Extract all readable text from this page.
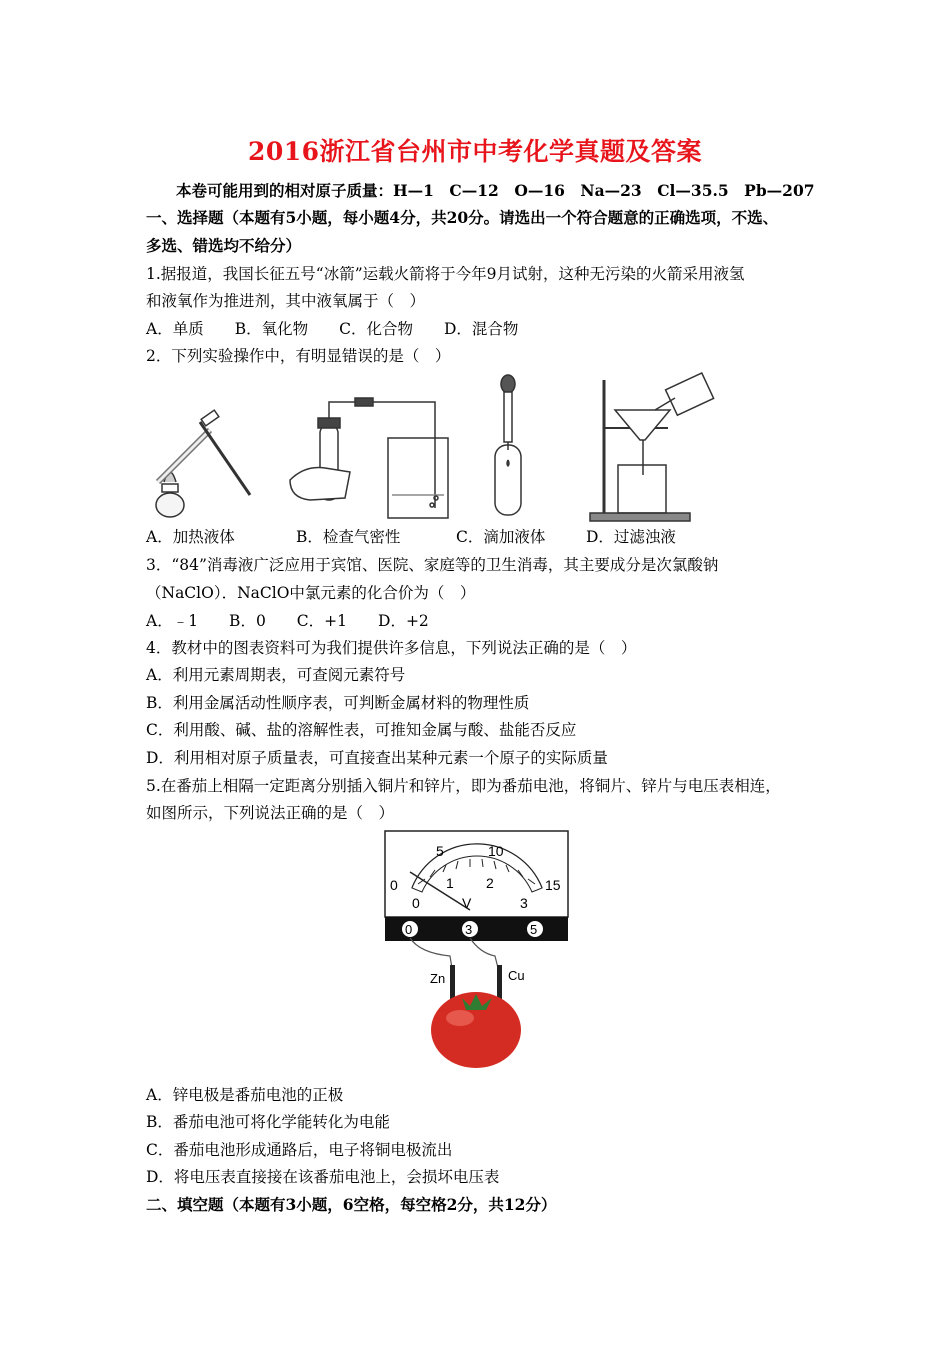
2016浙江省台州市中考化学真题及答案
本卷可能用到的相对原子质量：H—1　C—12　O—16　Na—23　Cl—35.5　Pb—207
一、选择题（本题有5小题，每小题4分，共20分。请选出一个符合题意的正确选项，不选、
多选、错选均不给分）
1.据报道，我国长征五号“冰箭”运载火箭将于今年9月试射，这种无污染的火箭采用液氢
和液氧作为推进剂，其中液氧属于（　）
A．单质　　B．氧化物　　C．化合物　　D．混合物
2．下列实验操作中，有明显错误的是（　）
A．加热液体	B．检查气密性	C．滴加液体	D．过滤浊液
3．“84”消毒液广泛应用于宾馆、医院、家庭等的卫生消毒，其主要成分是次氯酸钠
（NaClO）．NaClO中氯元素的化合价为（　）
A．﹣1　　B．0　　C．+1　　D．+2
4．教材中的图表资料可为我们提供许多信息，下列说法正确的是（　）
A．利用元素周期表，可查阅元素符号
B．利用金属活动性顺序表，可判断金属材料的物理性质
C．利用酸、碱、盐的溶解性表，可推知金属与酸、盐能否反应
D．利用相对原子质量表，可直接查出某种元素一个原子的实际质量
5.在番茄上相隔一定距离分别插入铜片和锌片，即为番茄电池，将铜片、锌片与电压表相连，
如图所示，下列说法正确的是（　）
0
5	10
15
0
1 2
3
V
0	3	5
Zn	Cu
A．锌电极是番茄电池的正极
B．番茄电池可将化学能转化为电能
C．番茄电池形成通路后，电子将铜电极流出
D．将电压表直接接在该番茄电池上，会损坏电压表
二、填空题（本题有3小题，6空格，每空格2分，共12分）
